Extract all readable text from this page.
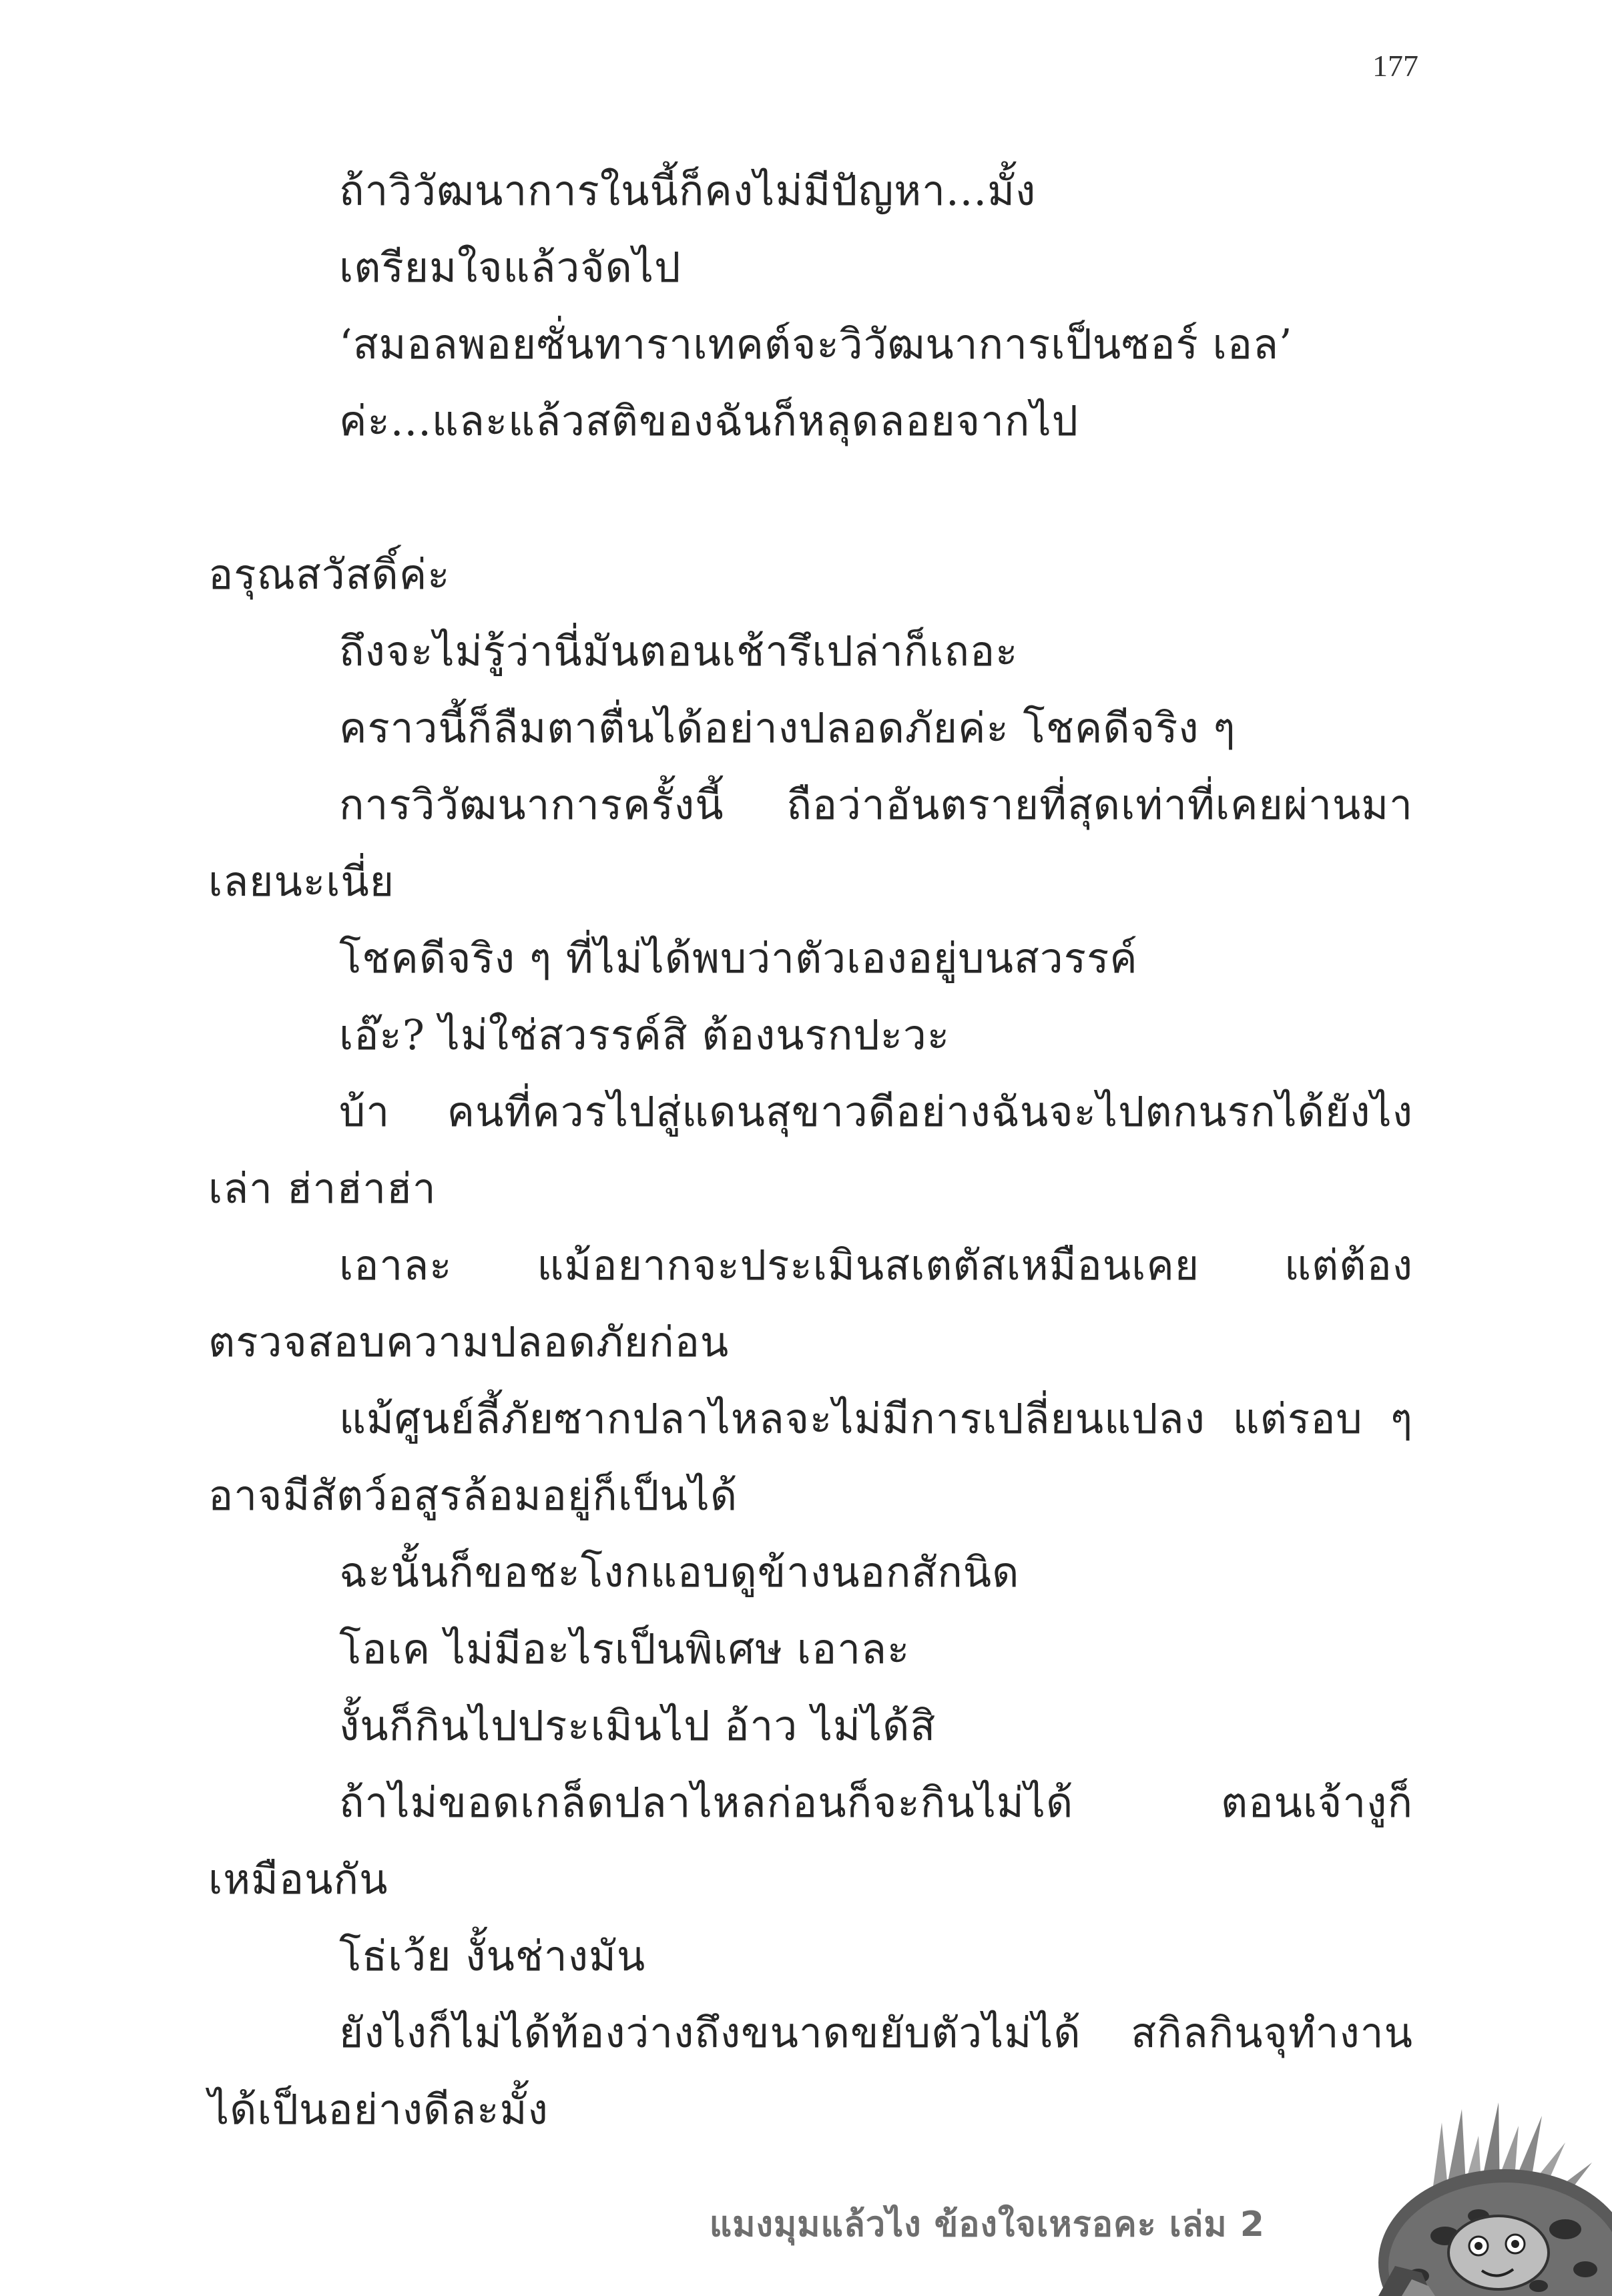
177
ถ้าวิวัฒนาการในนี้ก็คงไม่มีปัญหา...มั้ง
เตรียมใจแล้วจัดไป
‘สมอลพอยซั่นทาราเทคต์จะวิวัฒนาการเป็นซอร์ เอล’
ค่ะ...และแล้วสติของฉันก็หลุดลอยจากไป
อรุณสวัสดิ์ค่ะ
ถึงจะไม่รู้ว่านี่มันตอนเช้ารึเปล่าก็เถอะ
คราวนี้ก็ลืมตาตื่นได้อย่างปลอดภัยค่ะ โชคดีจริง ๆ
การวิวัฒนาการครั้งนี้ ถือว่าอันตรายที่สุดเท่าที่เคยผ่านมา
เลยนะเนี่ย
โชคดีจริง ๆ ที่ไม่ได้พบว่าตัวเองอยู่บนสวรรค์
เอ๊ะ? ไม่ใช่สวรรค์สิ ต้องนรกปะวะ
บ้า คนที่ควรไปสู่แดนสุขาวดีอย่างฉันจะไปตกนรกได้ยังไง
เล่า ฮ่าฮ่าฮ่า
เอาละ แม้อยากจะประเมินสเตตัสเหมือนเคย แต่ต้อง
ตรวจสอบความปลอดภัยก่อน
แม้ศูนย์ลี้ภัยซากปลาไหลจะไม่มีการเปลี่ยนแปลง แต่รอบ ๆ
อาจมีสัตว์อสูรล้อมอยู่ก็เป็นได้
ฉะนั้นก็ขอชะโงกแอบดูข้างนอกสักนิด
โอเค ไม่มีอะไรเป็นพิเศษ เอาละ
งั้นก็กินไปประเมินไป อ้าว ไม่ได้สิ
ถ้าไม่ขอดเกล็ดปลาไหลก่อนก็จะกินไม่ได้ ตอนเจ้างูก็
เหมือนกัน
โธ่เว้ย งั้นช่างมัน
ยังไงก็ไม่ได้ท้องว่างถึงขนาดขยับตัวไม่ได้ สกิลกินจุทำงาน
ได้เป็นอย่างดีละมั้ง
แมงมุมแล้วไง ข้องใจเหรอคะ เล่ม 2
